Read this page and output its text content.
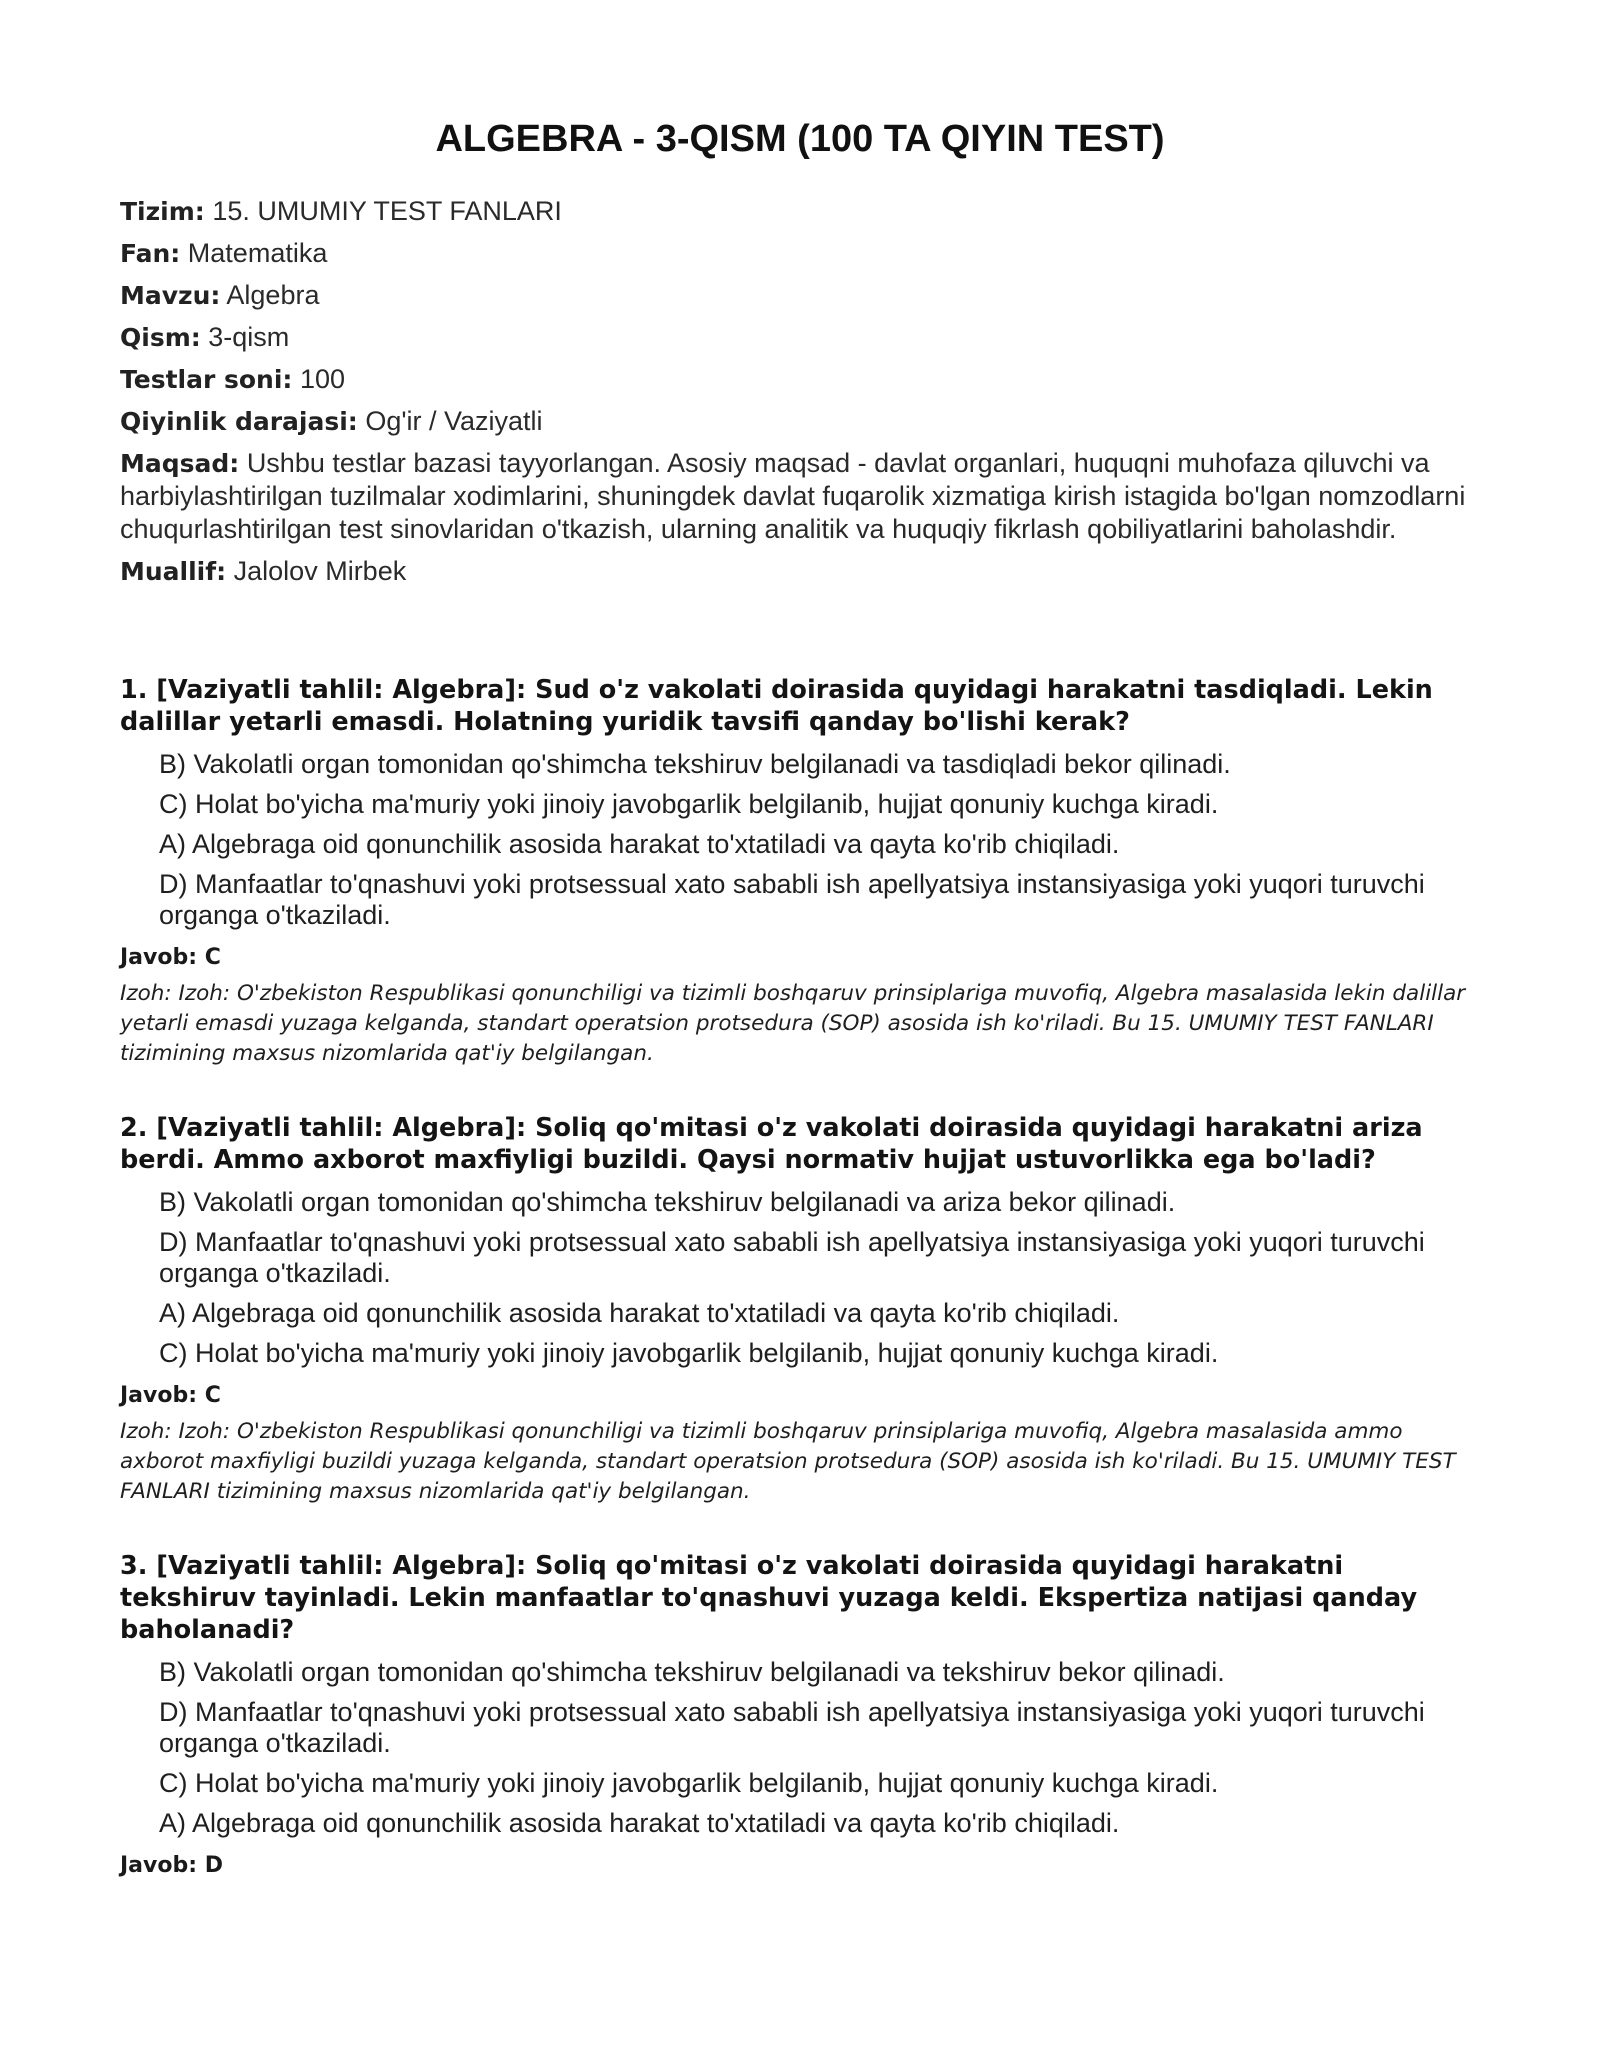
ALGEBRA - 3-QISM (100 TA QIYIN TEST)
Tizim: 15. UMUMIY TEST FANLARI
Fan: Matematika
Mavzu: Algebra
Qism: 3-qism
Testlar soni: 100
Qiyinlik darajasi: Og'ir / Vaziyatli
Maqsad: Ushbu testlar bazasi tayyorlangan. Asosiy maqsad - davlat organlari, huquqni muhofaza qiluvchi va harbiylashtirilgan tuzilmalar xodimlarini, shuningdek davlat fuqarolik xizmatiga kirish istagida bo'lgan nomzodlarni chuqurlashtirilgan test sinovlaridan o'tkazish, ularning analitik va huquqiy fikrlash qobiliyatlarini baholashdir.
Muallif: Jalolov Mirbek
1. [Vaziyatli tahlil: Algebra]: Sud o'z vakolati doirasida quyidagi harakatni tasdiqladi. Lekin dalillar yetarli emasdi. Holatning yuridik tavsifi qanday bo'lishi kerak?
B) Vakolatli organ tomonidan qo'shimcha tekshiruv belgilanadi va tasdiqladi bekor qilinadi.
C) Holat bo'yicha ma'muriy yoki jinoiy javobgarlik belgilanib, hujjat qonuniy kuchga kiradi.
A) Algebraga oid qonunchilik asosida harakat to'xtatiladi va qayta ko'rib chiqiladi.
D) Manfaatlar to'qnashuvi yoki protsessual xato sababli ish apellyatsiya instansiyasiga yoki yuqori turuvchi organga o'tkaziladi.
Javob: C
Izoh: Izoh: O'zbekiston Respublikasi qonunchiligi va tizimli boshqaruv prinsiplariga muvofiq, Algebra masalasida lekin dalillar yetarli emasdi yuzaga kelganda, standart operatsion protsedura (SOP) asosida ish ko'riladi. Bu 15. UMUMIY TEST FANLARI tizimining maxsus nizomlarida qat'iy belgilangan.
2. [Vaziyatli tahlil: Algebra]: Soliq qo'mitasi o'z vakolati doirasida quyidagi harakatni ariza berdi. Ammo axborot maxfiyligi buzildi. Qaysi normativ hujjat ustuvorlikka ega bo'ladi?
B) Vakolatli organ tomonidan qo'shimcha tekshiruv belgilanadi va ariza bekor qilinadi.
D) Manfaatlar to'qnashuvi yoki protsessual xato sababli ish apellyatsiya instansiyasiga yoki yuqori turuvchi organga o'tkaziladi.
A) Algebraga oid qonunchilik asosida harakat to'xtatiladi va qayta ko'rib chiqiladi.
C) Holat bo'yicha ma'muriy yoki jinoiy javobgarlik belgilanib, hujjat qonuniy kuchga kiradi.
Javob: C
Izoh: Izoh: O'zbekiston Respublikasi qonunchiligi va tizimli boshqaruv prinsiplariga muvofiq, Algebra masalasida ammo axborot maxfiyligi buzildi yuzaga kelganda, standart operatsion protsedura (SOP) asosida ish ko'riladi. Bu 15. UMUMIY TEST FANLARI tizimining maxsus nizomlarida qat'iy belgilangan.
3. [Vaziyatli tahlil: Algebra]: Soliq qo'mitasi o'z vakolati doirasida quyidagi harakatni tekshiruv tayinladi. Lekin manfaatlar to'qnashuvi yuzaga keldi. Ekspertiza natijasi qanday baholanadi?
B) Vakolatli organ tomonidan qo'shimcha tekshiruv belgilanadi va tekshiruv bekor qilinadi.
D) Manfaatlar to'qnashuvi yoki protsessual xato sababli ish apellyatsiya instansiyasiga yoki yuqori turuvchi organga o'tkaziladi.
C) Holat bo'yicha ma'muriy yoki jinoiy javobgarlik belgilanib, hujjat qonuniy kuchga kiradi.
A) Algebraga oid qonunchilik asosida harakat to'xtatiladi va qayta ko'rib chiqiladi.
Javob: D
